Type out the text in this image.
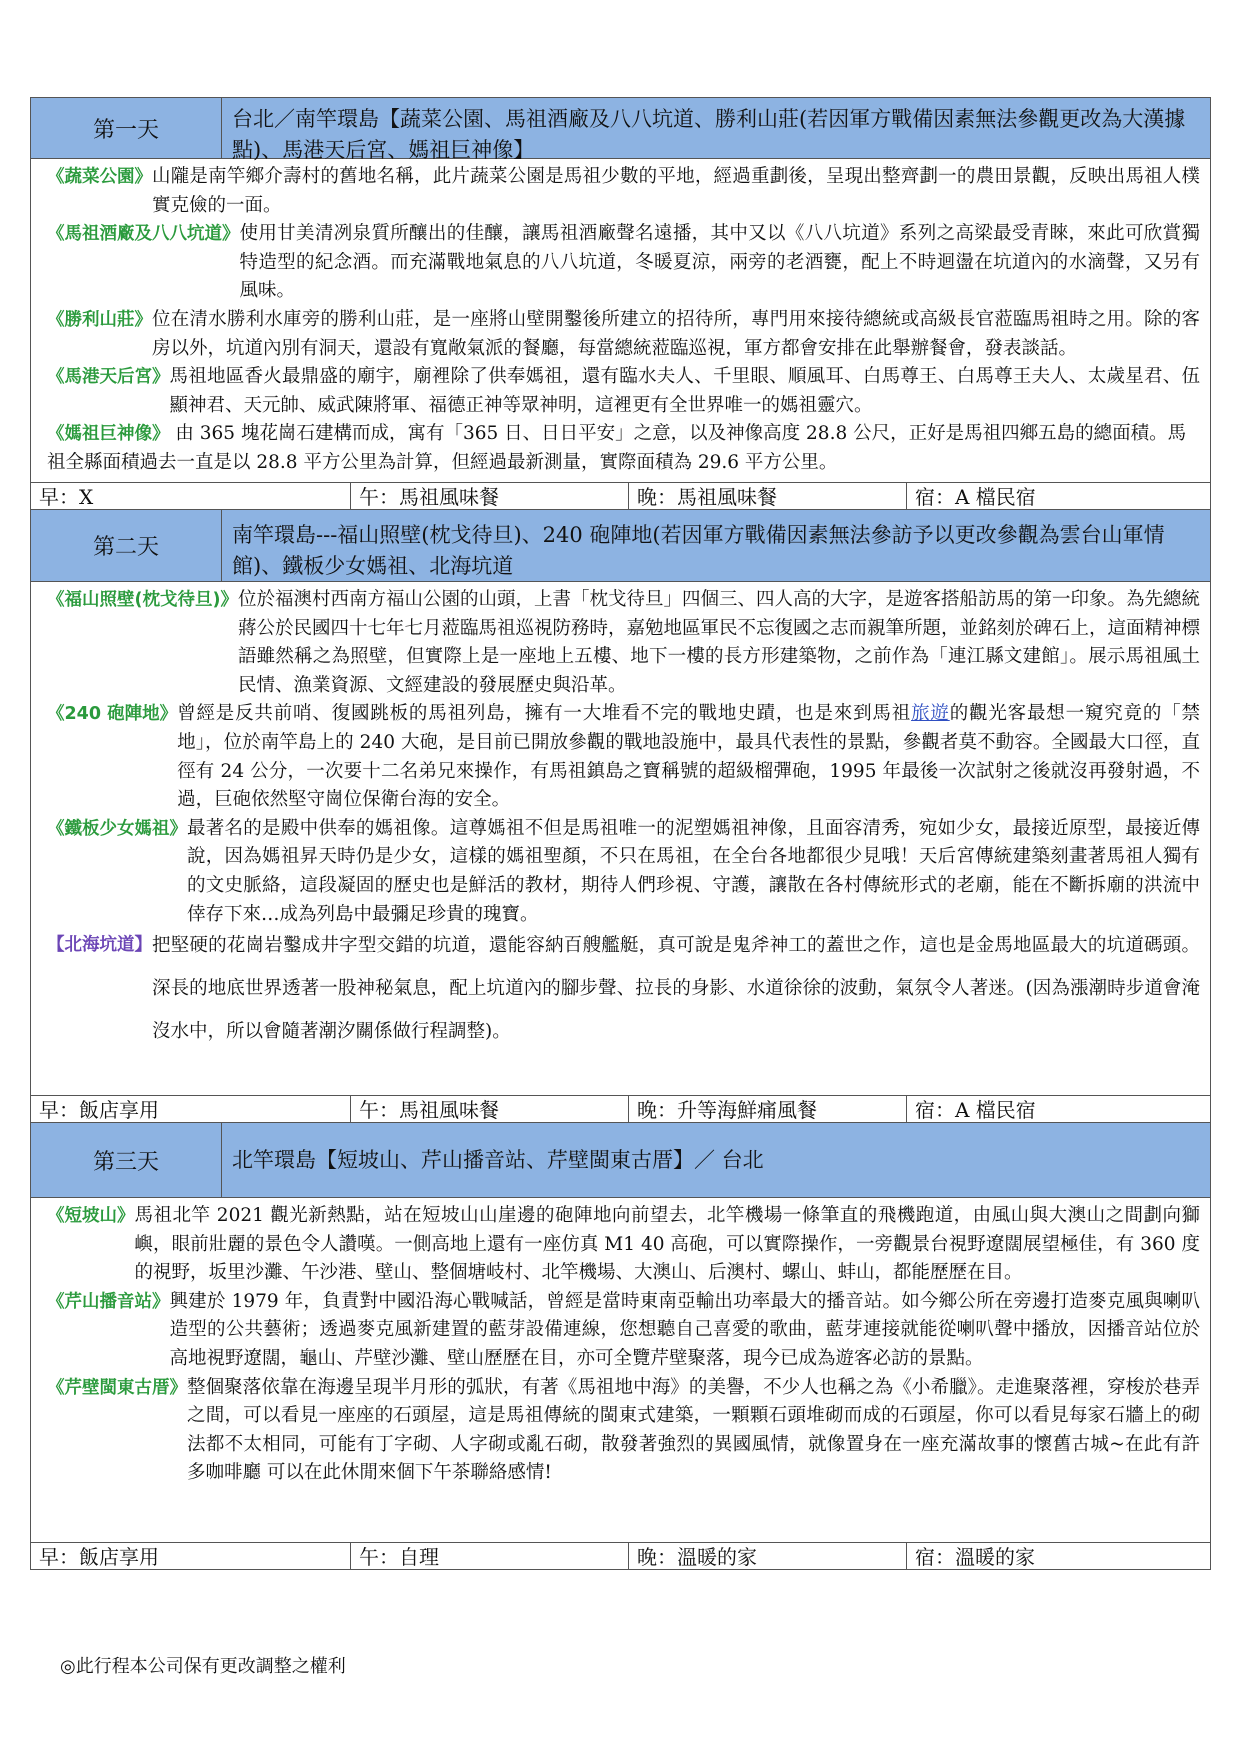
第一天	台北／南竿環島【蔬菜公園、馬祖酒廠及八八坑道、勝利山莊(若因軍方戰備因素無法參觀更改為大漢據點)、馬港天后宮、媽祖巨神像】
《蔬菜公園》 山隴是南竿鄉介壽村的舊地名稱，此片蔬菜公園是馬祖少數的平地，經過重劃後，呈現出整齊劃一的農田景觀，反映出馬祖人樸實克儉的一面。
《馬祖酒廠及八八坑道》 使用甘美清冽泉質所釀出的佳釀，讓馬祖酒廠聲名遠播，其中又以《八八坑道》系列之高梁最受青睞，來此可欣賞獨特造型的紀念酒。而充滿戰地氣息的八八坑道，冬暖夏涼，兩旁的老酒甕，配上不時迴盪在坑道內的水滴聲，又另有風味。
《勝利山莊》 位在清水勝利水庫旁的勝利山莊，是一座將山壁開鑿後所建立的招待所，專門用來接待總統或高級長官蒞臨馬祖時之用。除的客房以外，坑道內別有洞天，還設有寬敞氣派的餐廳，每當總統蒞臨巡視，軍方都會安排在此舉辦餐會，發表談話。
《馬港天后宮》 馬祖地區香火最鼎盛的廟宇，廟裡除了供奉媽祖，還有臨水夫人、千里眼、順風耳、白馬尊王、白馬尊王夫人、太歲星君、伍顯神君、天元帥、威武陳將軍、福德正神等眾神明，這裡更有全世界唯一的媽祖靈穴。
《媽祖巨神像》 由 365 塊花崗石建構而成，寓有「365 日、日日平安」之意，以及神像高度 28.8 公尺，正好是馬祖四鄉五島的總面積。馬祖全縣面積過去一直是以 28.8 平方公里為計算，但經過最新測量，實際面積為 29.6 平方公里。
早：X	午：馬祖風味餐	晚：馬祖風味餐	宿：A 檔民宿
第二天	南竿環島---福山照壁(枕戈待旦)、240 砲陣地(若因軍方戰備因素無法參訪予以更改參觀為雲台山軍情館)、鐵板少女媽祖、北海坑道
《福山照壁(枕戈待旦)》 位於福澳村西南方福山公園的山頭，上書「枕戈待旦」四個三、四人高的大字，是遊客搭船訪馬的第一印象。為先總統蔣公於民國四十七年七月蒞臨馬祖巡視防務時，嘉勉地區軍民不忘復國之志而親筆所題，並銘刻於碑石上，這面精神標語雖然稱之為照壁，但實際上是一座地上五樓、地下一樓的長方形建築物，之前作為「連江縣文建館」。展示馬祖風土民情、漁業資源、文經建設的發展歷史與沿革。
《240 砲陣地》 曾經是反共前哨、復國跳板的馬祖列島，擁有一大堆看不完的戰地史蹟，也是來到馬祖旅遊的觀光客最想一窺究竟的「禁地」，位於南竿島上的 240 大砲，是目前已開放參觀的戰地設施中，最具代表性的景點，參觀者莫不動容。全國最大口徑，直徑有 24 公分，一次要十二名弟兄來操作，有馬祖鎮島之寶稱號的超級榴彈砲，1995 年最後一次試射之後就沒再發射過，不過，巨砲依然堅守崗位保衛台海的安全。
《鐵板少女媽祖》 最著名的是殿中供奉的媽祖像。這尊媽祖不但是馬祖唯一的泥塑媽祖神像，且面容清秀，宛如少女，最接近原型，最接近傳說，因為媽祖昇天時仍是少女，這樣的媽祖聖顏，不只在馬祖，在全台各地都很少見哦！天后宮傳統建築刻畫著馬祖人獨有的文史脈絡，這段凝固的歷史也是鮮活的教材，期待人們珍視、守護，讓散在各村傳統形式的老廟，能在不斷拆廟的洪流中倖存下來…成為列島中最彌足珍貴的瑰寶。
【北海坑道】 把堅硬的花崗岩鑿成井字型交錯的坑道，還能容納百艘艦艇，真可說是鬼斧神工的蓋世之作，這也是金馬地區最大的坑道碼頭。深長的地底世界透著一股神秘氣息，配上坑道內的腳步聲、拉長的身影、水道徐徐的波動，氣氛令人著迷。(因為漲潮時步道會淹沒水中，所以會隨著潮汐關係做行程調整)。
早：飯店享用	午：馬祖風味餐	晚：升等海鮮痛風餐	宿：A 檔民宿
第三天	北竿環島【短坡山、芹山播音站、芹壁閩東古厝】／ 台北
《短坡山》 馬祖北竿 2021 觀光新熱點，站在短坡山山崖邊的砲陣地向前望去，北竿機場一條筆直的飛機跑道，由風山與大澳山之間劃向獅嶼，眼前壯麗的景色令人讚嘆。一側高地上還有一座仿真 M1 40 高砲，可以實際操作，一旁觀景台視野遼闊展望極佳，有 360 度的視野，坂里沙灘、午沙港、壁山、整個塘岐村、北竿機場、大澳山、后澳村、螺山、蚌山，都能歷歷在目。
《芹山播音站》 興建於 1979 年，負責對中國沿海心戰喊話，曾經是當時東南亞輸出功率最大的播音站。如今鄉公所在旁邊打造麥克風與喇叭造型的公共藝術；透過麥克風新建置的藍芽設備連線，您想聽自己喜愛的歌曲，藍芽連接就能從喇叭聲中播放，因播音站位於高地視野遼闊，龜山、芹壁沙灘、壁山歷歷在目，亦可全覽芹壁聚落，現今已成為遊客必訪的景點。
《芹壁閩東古厝》 整個聚落依靠在海邊呈現半月形的弧狀，有著《馬祖地中海》的美譽，不少人也稱之為《小希臘》。走進聚落裡，穿梭於巷弄之間，可以看見一座座的石頭屋，這是馬祖傳統的閩東式建築，一顆顆石頭堆砌而成的石頭屋，你可以看見每家石牆上的砌法都不太相同，可能有丁字砌、人字砌或亂石砌，散發著強烈的異國風情，就像置身在一座充滿故事的懷舊古城~在此有許多咖啡廳 可以在此休閒來個下午茶聯絡感情!
早：飯店享用	午：自理	晚：溫暖的家	宿：溫暖的家
◎此行程本公司保有更改調整之權利
